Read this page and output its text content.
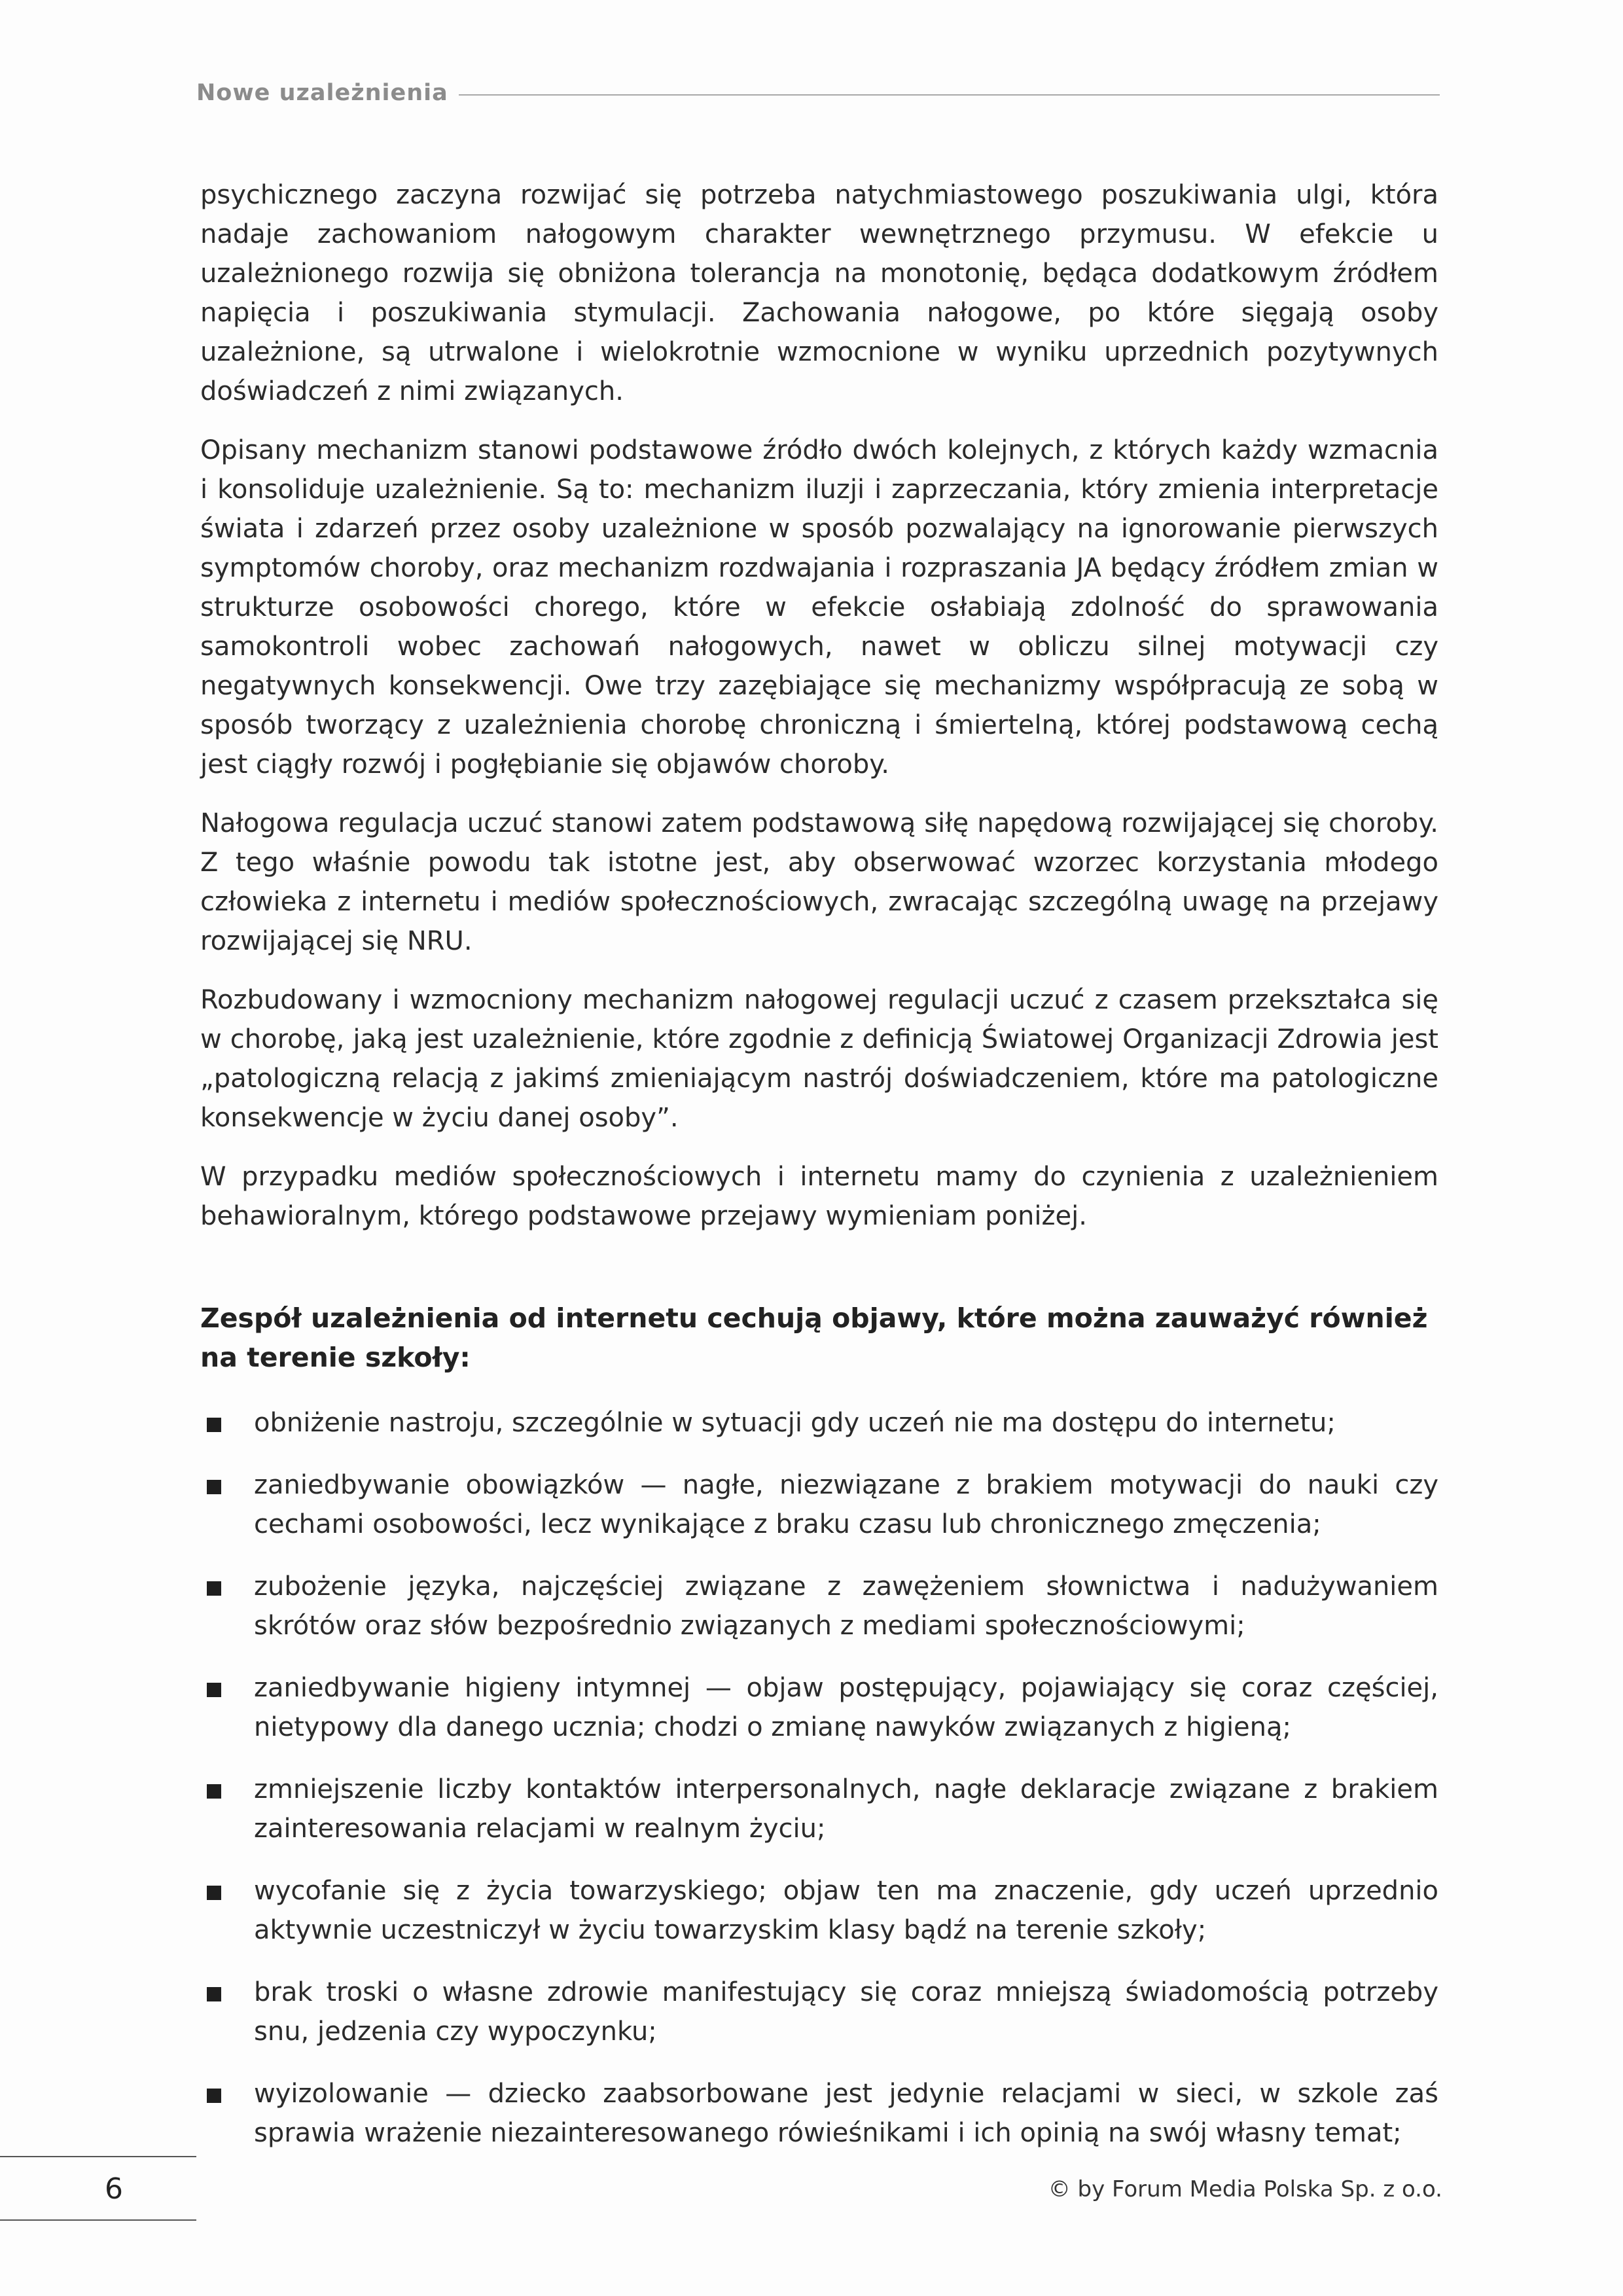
Nowe uzależnienia

psychicznego zaczyna rozwijać się potrzeba natychmiastowego poszukiwania ulgi, która nadaje zachowaniom nałogowym charakter wewnętrznego przymusu. W efekcie u uzależnionego rozwija się obniżona tolerancja na monotonię, będąca dodatkowym źródłem napięcia i poszukiwania stymulacji. Zachowania nałogowe, po które sięgają osoby uzależnione, są utrwalone i wielokrotnie wzmocnione w wyniku uprzednich pozytywnych doświadczeń z nimi związanych.

Opisany mechanizm stanowi podstawowe źródło dwóch kolejnych, z których każdy wzmacnia i konsoliduje uzależnienie. Są to: mechanizm iluzji i zaprzeczania, który zmienia interpretacje świata i zdarzeń przez osoby uzależnione w sposób pozwalający na ignorowanie pierwszych symptomów choroby, oraz mechanizm rozdwajania i rozpraszania JA będący źródłem zmian w strukturze osobowości chorego, które w efekcie osłabiają zdolność do sprawowania samokontroli wobec zachowań nałogowych, nawet w obliczu silnej motywacji czy negatywnych konsekwencji. Owe trzy zazębiające się mechanizmy współpracują ze sobą w sposób tworzący z uzależnienia chorobę chroniczną i śmiertelną, której podstawową cechą jest ciągły rozwój i pogłębianie się objawów choroby.

Nałogowa regulacja uczuć stanowi zatem podstawową siłę napędową rozwijającej się choroby. Z tego właśnie powodu tak istotne jest, aby obserwować wzorzec korzystania młodego człowieka z internetu i mediów społecznościowych, zwracając szczególną uwagę na przejawy rozwijającej się NRU.

Rozbudowany i wzmocniony mechanizm nałogowej regulacji uczuć z czasem przekształca się w chorobę, jaką jest uzależnienie, które zgodnie z definicją Światowej Organizacji Zdrowia jest „patologiczną relacją z jakimś zmieniającym nastrój doświadczeniem, które ma patologiczne konsekwencje w życiu danej osoby”.

W przypadku mediów społecznościowych i internetu mamy do czynienia z uzależnieniem behawioralnym, którego podstawowe przejawy wymieniam poniżej.

Zespół uzależnienia od internetu cechują objawy, które można zauważyć również na terenie szkoły:
obniżenie nastroju, szczególnie w sytuacji gdy uczeń nie ma dostępu do internetu;
zaniedbywanie obowiązków — nagłe, niezwiązane z brakiem motywacji do nauki czy cechami osobowości, lecz wynikające z braku czasu lub chronicznego zmęczenia;
zubożenie języka, najczęściej związane z zawężeniem słownictwa i nadużywaniem skrótów oraz słów bezpośrednio związanych z mediami społecznościowymi;
zaniedbywanie higieny intymnej — objaw postępujący, pojawiający się coraz częściej, nietypowy dla danego ucznia; chodzi o zmianę nawyków związanych z higieną;
zmniejszenie liczby kontaktów interpersonalnych, nagłe deklaracje związane z brakiem zainteresowania relacjami w realnym życiu;
wycofanie się z życia towarzyskiego; objaw ten ma znaczenie, gdy uczeń uprzednio aktywnie uczestniczył w życiu towarzyskim klasy bądź na terenie szkoły;
brak troski o własne zdrowie manifestujący się coraz mniejszą świadomością potrzeby snu, jedzenia czy wypoczynku;
wyizolowanie — dziecko zaabsorbowane jest jedynie relacjami w sieci, w szkole zaś sprawia wrażenie niezainteresowanego rówieśnikami i ich opinią na swój własny temat;
6	© by Forum Media Polska Sp. z o.o.
